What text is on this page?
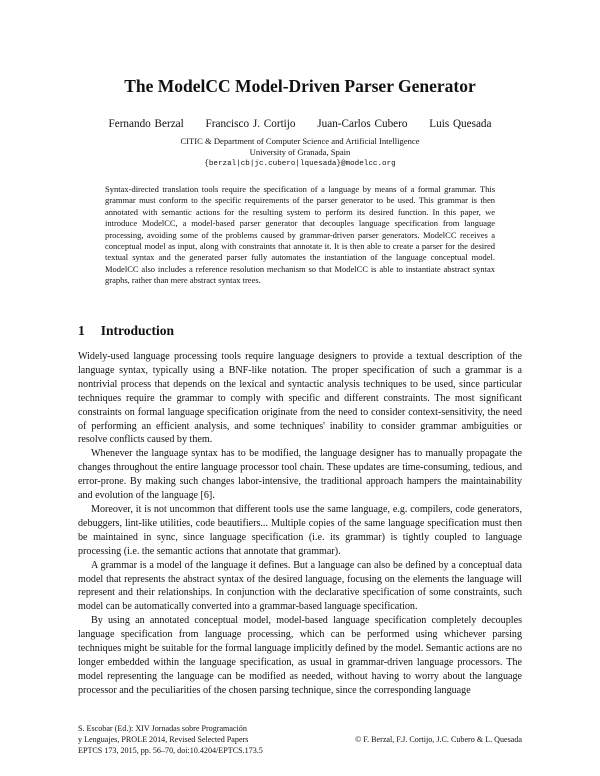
The ModelCC Model-Driven Parser Generator
Fernando Berzal Francisco J. Cortijo Juan-Carlos Cubero Luis Quesada
CITIC & Department of Computer Science and Artificial Intelligence
University of Granada, Spain
{berzal|cb|jc.cubero|lquesada}@modelcc.org
Syntax-directed translation tools require the specification of a language by means of a formal grammar. This grammar must conform to the specific requirements of the parser generator to be used. This grammar is then annotated with semantic actions for the resulting system to perform its desired function. In this paper, we introduce ModelCC, a model-based parser generator that decouples language specification from language processing, avoiding some of the problems caused by grammar-driven parser generators. ModelCC receives a conceptual model as input, along with constraints that annotate it. It is then able to create a parser for the desired textual syntax and the generated parser fully automates the instantiation of the language conceptual model. ModelCC also includes a reference resolution mechanism so that ModelCC is able to instantiate abstract syntax graphs, rather than mere abstract syntax trees.
1 Introduction

Widely-used language processing tools require language designers to provide a textual description of the language syntax, typically using a BNF-like notation. The proper specification of such a grammar is a nontrivial process that depends on the lexical and syntactic analysis techniques to be used, since particular techniques require the grammar to comply with specific and different constraints. The most significant constraints on formal language specification originate from the need to consider context-sensitivity, the need of performing an efficient analysis, and some techniques' inability to consider grammar ambiguities or resolve conflicts caused by them.

Whenever the language syntax has to be modified, the language designer has to manually propagate the changes throughout the entire language processor tool chain. These updates are time-consuming, tedious, and error-prone. By making such changes labor-intensive, the traditional approach hampers the maintainability and evolution of the language [6].

Moreover, it is not uncommon that different tools use the same language, e.g. compilers, code generators, debuggers, lint-like utilities, code beautifiers... Multiple copies of the same language specification must then be maintained in sync, since language specification (i.e. its grammar) is tightly coupled to language processing (i.e. the semantic actions that annotate that grammar).

A grammar is a model of the language it defines. But a language can also be defined by a conceptual data model that represents the abstract syntax of the desired language, focusing on the elements the language will represent and their relationships. In conjunction with the declarative specification of some constraints, such model can be automatically converted into a grammar-based language specification.

By using an annotated conceptual model, model-based language specification completely decouples language specification from language processing, which can be performed using whichever parsing techniques might be suitable for the formal language implicitly defined by the model. Semantic actions are no longer embedded within the language specification, as usual in grammar-driven language processors. The model representing the language can be modified as needed, without having to worry about the language processor and the peculiarities of the chosen parsing technique, since the corresponding language

S. Escobar (Ed.): XIV Jornadas sobre Programación
y Lenguajes, PROLE 2014, Revised Selected Papers
EPTCS 173, 2015, pp. 56–70, doi:10.4204/EPTCS.173.5
© F. Berzal, F.J. Cortijo, J.C. Cubero & L. Quesada
